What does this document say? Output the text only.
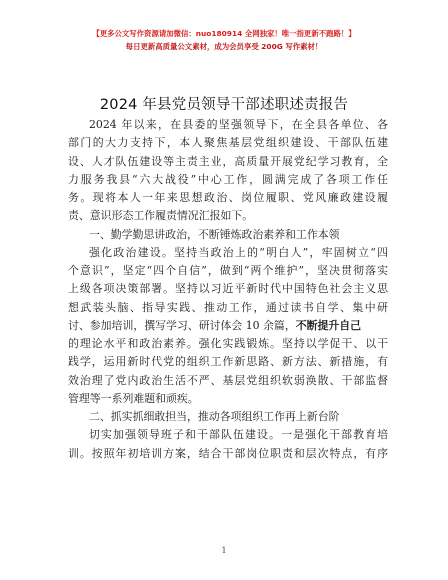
【更多公文写作资源请加微信：nuo180914 全网独家！唯一指更新不跑路！】
每日更新高质量公文素材，成为会员享受 200G 写作素材！
2024 年县党员领导干部述职述责报告
2024 年以来，在县委的坚强领导下，在全县各单位、各
部门的大力支持下，本人聚焦基层党组织建设、干部队伍建
设、人才队伍建设等主责主业，高质量开展党纪学习教育，全
力服务我县“六大战役”中心工作，圆满完成了各项工作任
务。现将本人一年来思想政治、岗位履职、党风廉政建设履
责、意识形态工作履责情况汇报如下。
一、勤学勤思讲政治，不断锤炼政治素养和工作本领
强化政治建设。坚持当政治上的“明白人”，牢固树立“四
个意识”，坚定“四个自信”，做到“两个维护”，坚决贯彻落实
上级各项决策部署。坚持以习近平新时代中国特色社会主义思
想武装头脑、指导实践、推动工作，通过读书自学、集中研
讨、参加培训，撰写学习、研讨体会 10 余篇，不断提升自己
的理论水平和政治素养。强化实践锻炼。坚持以学促干、以干
践学，运用新时代党的组织工作新思路、新方法、新措施，有
效治理了党内政治生活不严、基层党组织软弱涣散、干部监督
管理等一系列难题和顽疾。
二、抓实抓细敢担当，推动各项组织工作再上新台阶
切实加强领导班子和干部队伍建设。一是强化干部教育培
训。按照年初培训方案，结合干部岗位职责和层次特点，有序
1
